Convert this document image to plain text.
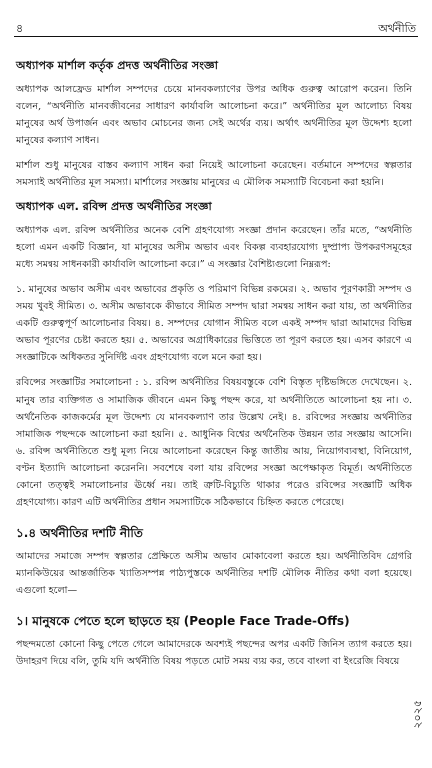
৪	অর্থনীতি
অধ্যাপক মার্শাল কর্তৃক প্রদত্ত অর্থনীতির সংজ্ঞা

অধ্যাপক আলফ্রেড মার্শাল সম্পদের চেয়ে মানবকল্যাণের উপর অধিক গুরুত্ব আরোপ করেন। তিনি বলেন, “অর্থনীতি মানবজীবনের সাধারণ কার্যাবলি আলোচনা করে।” অর্থনীতির মূল আলোচ্য বিষয় মানুষের অর্থ উপার্জন এবং অভাব মোচনের জন্য সেই অর্থের ব্যয়। অর্থাৎ অর্থনীতির মূল উদ্দেশ্য হলো মানুষের কল্যাণ সাধন।

মার্শাল শুধু মানুষের বাস্তব কল্যাণ সাধন করা নিয়েই আলোচনা করেছেন। বর্তমানে সম্পদের স্বল্পতার সমস্যাই অর্থনীতির মূল সমস্যা। মার্শালের সংজ্ঞায় মানুষের এ মৌলিক সমস্যাটি বিবেচনা করা হয়নি।

অধ্যাপক এল. রবিন্স প্রদত্ত অর্থনীতির সংজ্ঞা

অধ্যাপক এল. রবিন্স অর্থনীতির অনেক বেশি গ্রহণযোগ্য সংজ্ঞা প্রদান করেছেন। তাঁর মতে, “অর্থনীতি হলো এমন একটি বিজ্ঞান, যা মানুষের অসীম অভাব এবং বিকল্প ব্যবহারযোগ্য দুষ্প্রাপ্য উপকরণসমূহের মধ্যে সমন্বয় সাধনকারী কার্যাবলি আলোচনা করে।” এ সংজ্ঞার বৈশিষ্ট্যগুলো নিম্নরূপ:

১. মানুষের অভাব অসীম এবং অভাবের প্রকৃতি ও পরিমাণ বিভিন্ন রকমের। ২. অভাব পূরণকারী সম্পদ ও সময় খুবই সীমিত। ৩. অসীম অভাবকে কীভাবে সীমিত সম্পদ দ্বারা সমন্বয় সাধন করা যায়, তা অর্থনীতির একটি গুরুত্বপূর্ণ আলোচনার বিষয়। ৪. সম্পদের যোগান সীমিত বলে একই সম্পদ দ্বারা আমাদের বিভিন্ন অভাব পূরণের চেষ্টা করতে হয়। ৫. অভাবের অগ্রাধিকারের ভিত্তিতে তা পূরণ করতে হয়। এসব কারণে এ সংজ্ঞাটিকে অধিকতর সুনির্দিষ্ট এবং গ্রহণযোগ্য বলে মনে করা হয়।

রবিন্সের সংজ্ঞাটির সমালোচনা : ১. রবিন্স অর্থনীতির বিষয়বস্তুকে বেশি বিস্তৃত দৃষ্টিভঙ্গিতে দেখেছেন। ২. মানুষ তার ব্যক্তিগত ও সামাজিক জীবনে এমন কিছু পছন্দ করে, যা অর্থনীতিতে আলোচনা হয় না। ৩. অর্থনৈতিক কাজকর্মের মূল উদ্দেশ্য যে মানবকল্যাণ তার উল্লেখ নেই। ৪. রবিন্সের সংজ্ঞায় অর্থনীতির সামাজিক পছন্দকে আলোচনা করা হয়নি। ৫. আধুনিক বিশ্বের অর্থনৈতিক উন্নয়ন তার সংজ্ঞায় আসেনি। ৬. রবিন্স অর্থনীতিতে শুধু মূল্য নিয়ে আলোচনা করেছেন কিন্তু জাতীয় আয়, নিয়োগব্যবস্থা, বিনিয়োগ, বণ্টন ইত্যাদি আলোচনা করেননি। সবশেষে বলা যায় রবিন্সের সংজ্ঞা অপেক্ষাকৃত বিমূর্ত। অর্থনীতিতে কোনো তত্ত্বই সমালোচনার ঊর্ধ্বে নয়। তাই ত্রুটি-বিচ্যুতি থাকার পরেও রবিন্সের সংজ্ঞাটি অধিক গ্রহণযোগ্য। কারণ এটি অর্থনীতির প্রধান সমস্যাটিকে সঠিকভাবে চিহ্নিত করতে পেরেছে।

১.৪ অর্থনীতির দশটি নীতি

আমাদের সমাজে সম্পদ স্বল্পতার প্রেক্ষিতে অসীম অভাব মোকাবেলা করতে হয়। অর্থনীতিবিদ গ্রেগরি ম্যানকিউয়ের আন্তর্জাতিক খ্যাতিসম্পন্ন পাঠ্যপুস্তকে অর্থনীতির দশটি মৌলিক নীতির কথা বলা হয়েছে। এগুলো হলো—

১। মানুষকে পেতে হলে ছাড়তে হয় (People Face Trade-Offs)

পছন্দমতো কোনো কিছু পেতে গেলে আমাদেরকে অবশ্যই পছন্দের অপর একটি জিনিস ত্যাগ করতে হয়। উদাহরণ দিয়ে বলি, তুমি যদি অর্থনীতি বিষয় পড়তে মোট সময় ব্যয় কর, তবে বাংলা বা ইংরেজি বিষয়ে

২০২৫
